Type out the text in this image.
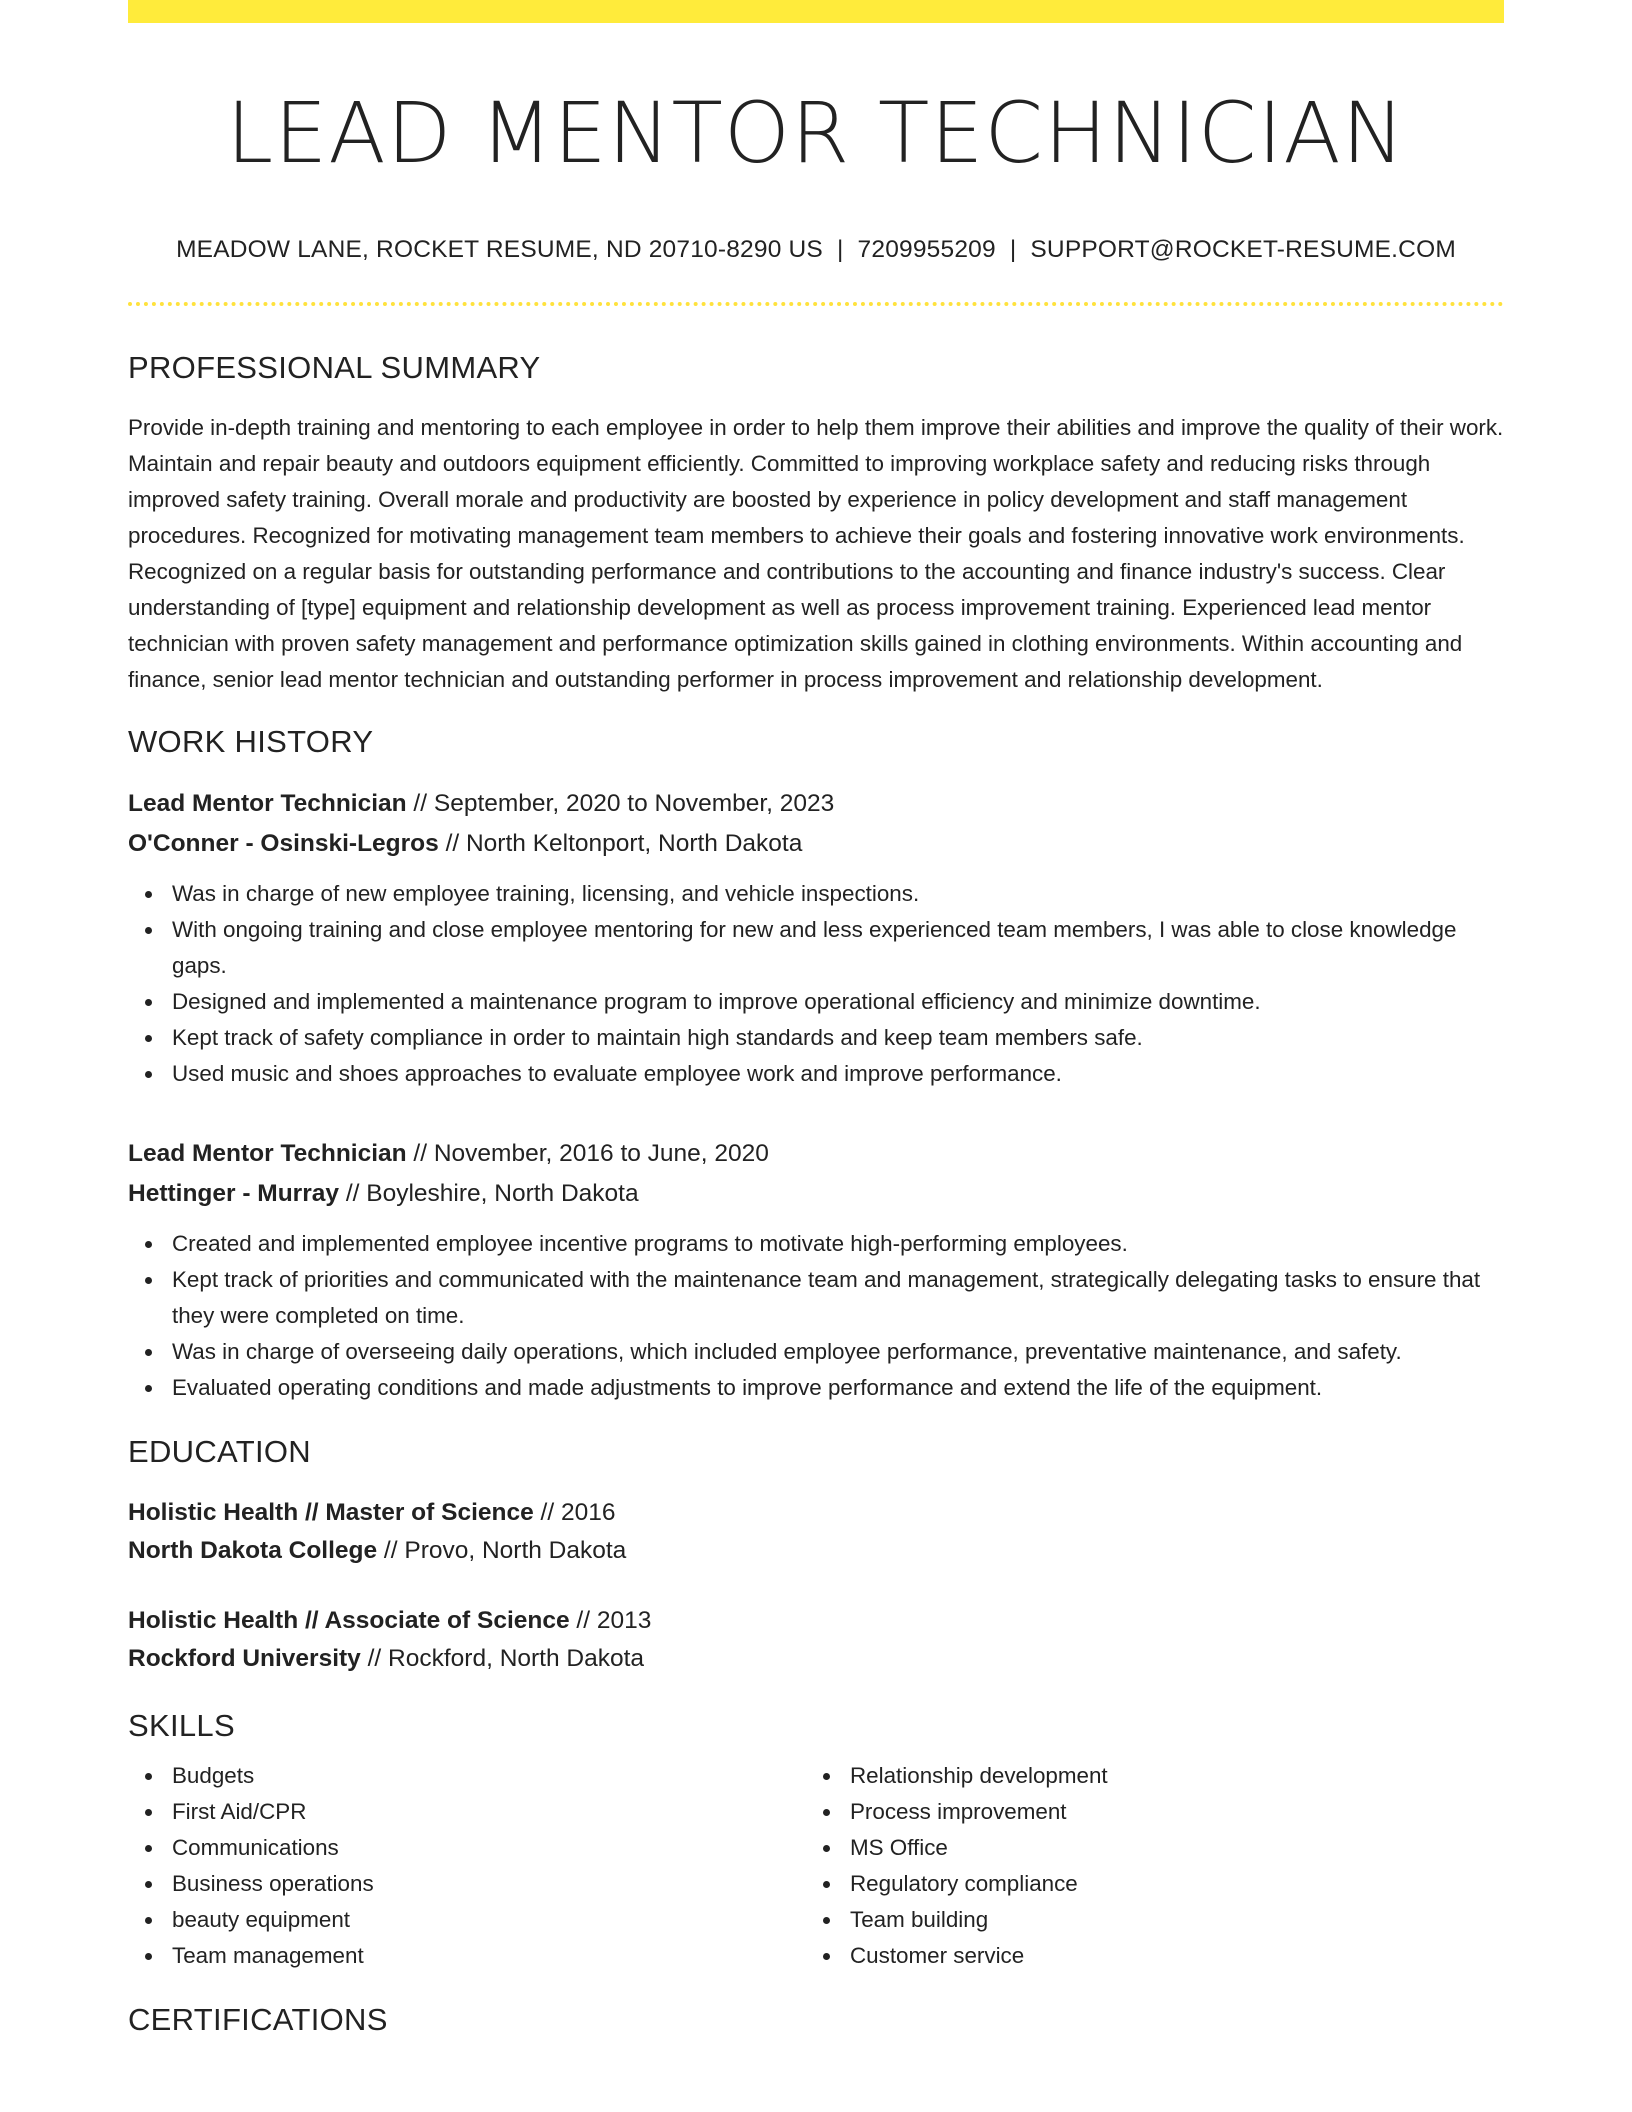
LEAD MENTOR TECHNICIAN
MEADOW LANE, ROCKET RESUME, ND 20710-8290 US | 7209955209 | SUPPORT@ROCKET-RESUME.COM
PROFESSIONAL SUMMARY
Provide in-depth training and mentoring to each employee in order to help them improve their abilities and improve the quality of their work. Maintain and repair beauty and outdoors equipment efficiently. Committed to improving workplace safety and reducing risks through improved safety training. Overall morale and productivity are boosted by experience in policy development and staff management procedures. Recognized for motivating management team members to achieve their goals and fostering innovative work environments. Recognized on a regular basis for outstanding performance and contributions to the accounting and finance industry's success. Clear understanding of [type] equipment and relationship development as well as process improvement training. Experienced lead mentor technician with proven safety management and performance optimization skills gained in clothing environments. Within accounting and finance, senior lead mentor technician and outstanding performer in process improvement and relationship development.
WORK HISTORY
Lead Mentor Technician // September, 2020 to November, 2023
O'Conner - Osinski-Legros // North Keltonport, North Dakota
Was in charge of new employee training, licensing, and vehicle inspections.
With ongoing training and close employee mentoring for new and less experienced team members, I was able to close knowledge gaps.
Designed and implemented a maintenance program to improve operational efficiency and minimize downtime.
Kept track of safety compliance in order to maintain high standards and keep team members safe.
Used music and shoes approaches to evaluate employee work and improve performance.
Lead Mentor Technician // November, 2016 to June, 2020
Hettinger - Murray // Boyleshire, North Dakota
Created and implemented employee incentive programs to motivate high-performing employees.
Kept track of priorities and communicated with the maintenance team and management, strategically delegating tasks to ensure that they were completed on time.
Was in charge of overseeing daily operations, which included employee performance, preventative maintenance, and safety.
Evaluated operating conditions and made adjustments to improve performance and extend the life of the equipment.
EDUCATION
Holistic Health // Master of Science // 2016
North Dakota College // Provo, North Dakota
Holistic Health // Associate of Science // 2013
Rockford University // Rockford, North Dakota
SKILLS
Budgets
First Aid/CPR
Communications
Business operations
beauty equipment
Team management
Relationship development
Process improvement
MS Office
Regulatory compliance
Team building
Customer service
CERTIFICATIONS
